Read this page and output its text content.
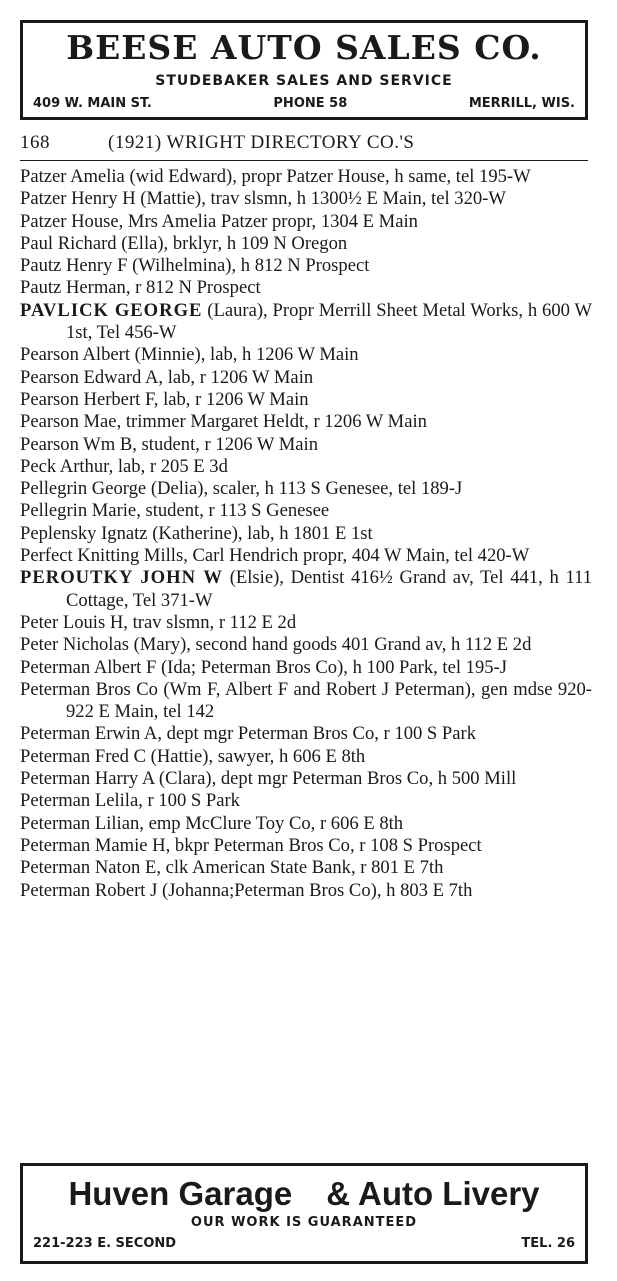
BEESE AUTO SALES CO.
STUDEBAKER SALES AND SERVICE
409 W. MAIN ST.	PHONE 58	MERRILL, WIS.
168	(1921) WRIGHT DIRECTORY CO.'S
Patzer Amelia (wid Edward), propr Patzer House, h same, tel 195-W
Patzer Henry H (Mattie), trav slsmn, h 1300½ E Main, tel 320-W
Patzer House, Mrs Amelia Patzer propr, 1304 E Main
Paul Richard (Ella), brklyr, h 109 N Oregon
Pautz Henry F (Wilhelmina), h 812 N Prospect
Pautz Herman, r 812 N Prospect
PAVLICK GEORGE (Laura), Propr Merrill Sheet Metal Works, h 600 W 1st, Tel 456-W
Pearson Albert (Minnie), lab, h 1206 W Main
Pearson Edward A, lab, r 1206 W Main
Pearson Herbert F, lab, r 1206 W Main
Pearson Mae, trimmer Margaret Heldt, r 1206 W Main
Pearson Wm B, student, r 1206 W Main
Peck Arthur, lab, r 205 E 3d
Pellegrin George (Delia), scaler, h 113 S Genesee, tel 189-J
Pellegrin Marie, student, r 113 S Genesee
Peplensky Ignatz (Katherine), lab, h 1801 E 1st
Perfect Knitting Mills, Carl Hendrich propr, 404 W Main, tel 420-W
PEROUTKY JOHN W (Elsie), Dentist 416½ Grand av, Tel 441, h 111 Cottage, Tel 371-W
Peter Louis H, trav slsmn, r 112 E 2d
Peter Nicholas (Mary), second hand goods 401 Grand av, h 112 E 2d
Peterman Albert F (Ida; Peterman Bros Co), h 100 Park, tel 195-J
Peterman Bros Co (Wm F, Albert F and Robert J Peterman), gen mdse 920-922 E Main, tel 142
Peterman Erwin A, dept mgr Peterman Bros Co, r 100 S Park
Peterman Fred C (Hattie), sawyer, h 606 E 8th
Peterman Harry A (Clara), dept mgr Peterman Bros Co, h 500 Mill
Peterman Lelila, r 100 S Park
Peterman Lilian, emp McClure Toy Co, r 606 E 8th
Peterman Mamie H, bkpr Peterman Bros Co, r 108 S Prospect
Peterman Naton E, clk American State Bank, r 801 E 7th
Peterman Robert J (Johanna;Peterman Bros Co), h 803 E 7th
Huven Garage & Auto Livery
OUR WORK IS GUARANTEED
221-223 E. SECOND	TEL. 26
